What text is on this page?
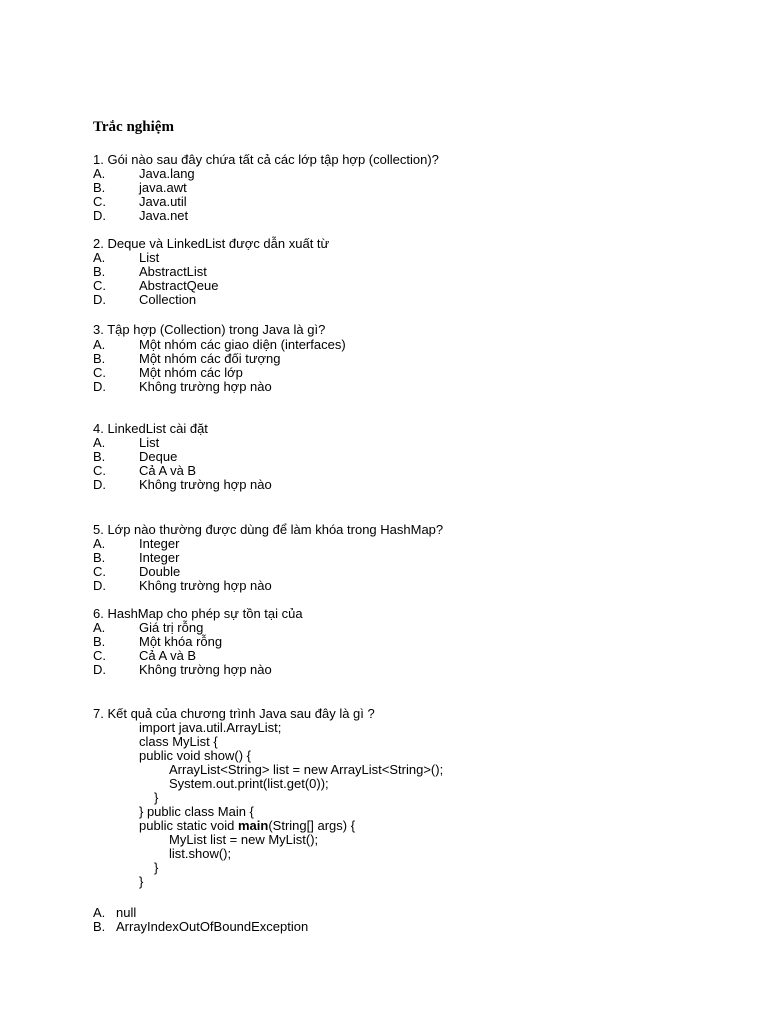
Trắc nghiệm
1. Gói nào sau đây chứa tất cả các lớp tập hợp (collection)?
A.	Java.lang
B.	java.awt
C.	Java.util
D.	Java.net
2. Deque và LinkedList được dẫn xuất từ
A.	List
B.	AbstractList
C.	AbstractQeue
D.	Collection
3. Tập hợp (Collection) trong Java là gì?
A.	Một nhóm các giao diện (interfaces)
B.	Một nhóm các đối tượng
C.	Một nhóm các lớp
D.	Không trường hợp nào
4. LinkedList cài đặt
A.	List
B.	Deque
C.	Cả A và B
D.	Không trường hợp nào
5. Lớp nào thường được dùng để làm khóa trong HashMap?
A.	Integer
B.	Integer
C.	Double
D.	Không trường hợp nào
6. HashMap cho phép sự tồn tại của
A.	Giá trị rỗng
B.	Một khóa rỗng
C.	Cả A và B
D.	Không trường hợp nào
7. Kết quả của chương trình Java sau đây là gì ?
import java.util.ArrayList;
class MyList {
public void show() {
ArrayList<String> list = new ArrayList<String>();
System.out.print(list.get(0));
}
} public class Main {
public static void main(String[] args) {
MyList list = new MyList();
list.show();
}
}
A. null
B. ArrayIndexOutOfBoundException
